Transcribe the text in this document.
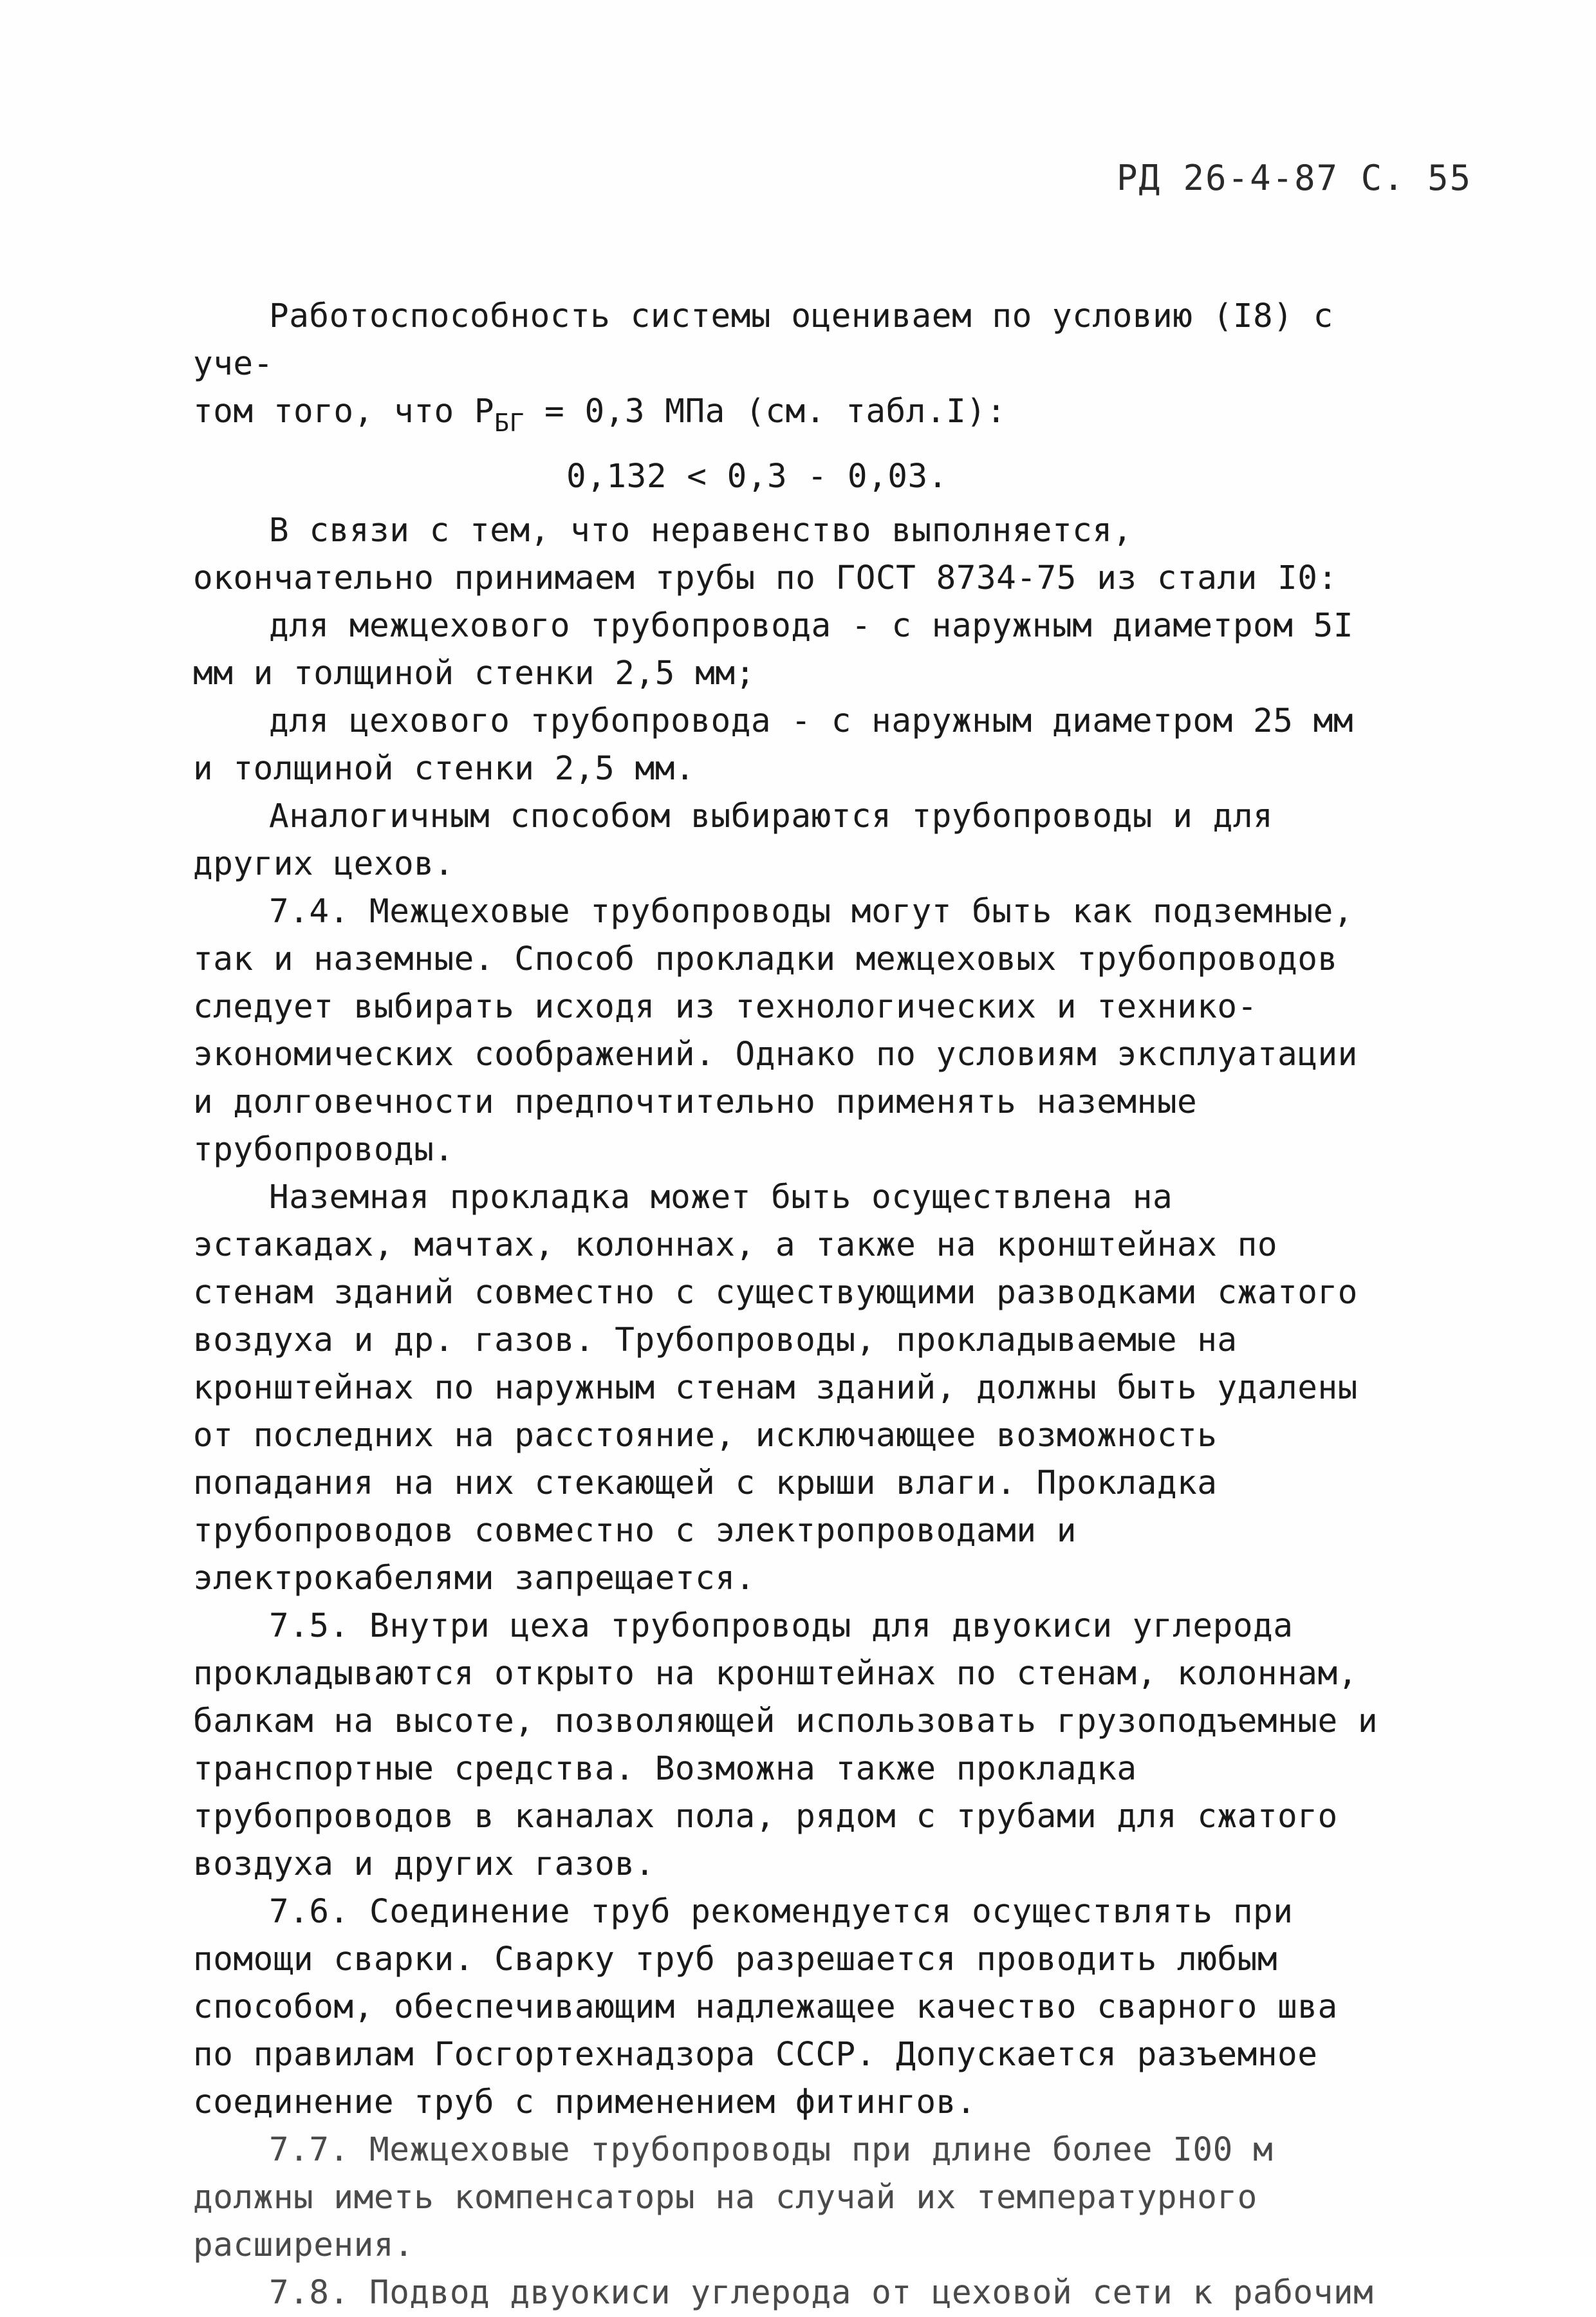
РД 26-4-87 С. 55

Работоспособность системы оцениваем по условию (I8) с уче-
том того, что $Р_{БГ} = 0,3$ МПа (см. табл.I):

0,132 < 0,3 - 0,03.

В связи с тем, что неравенство выполняется, окончательно принимаем трубы по ГОСТ 8734-75 из стали I0:

для межцехового трубопровода - с наружным диаметром 5I мм и толщиной стенки 2,5 мм;

для цехового трубопровода - с наружным диаметром 25 мм и толщиной стенки 2,5 мм.

Аналогичным способом выбираются трубопроводы и для других цехов.

7.4. Межцеховые трубопроводы могут быть как подземные, так и наземные. Способ прокладки межцеховых трубопроводов следует выбирать исходя из технологических и технико-экономических соображений. Однако по условиям эксплуатации и долговечности предпочтительно применять наземные трубопроводы.

Наземная прокладка может быть осуществлена на эстакадах, мачтах, колоннах, а также на кронштейнах по стенам зданий совместно с существующими разводками сжатого воздуха и др. газов. Трубопроводы, прокладываемые на кронштейнах по наружным стенам зданий, должны быть удалены от последних на расстояние, исключающее возможность попадания на них стекающей с крыши влаги. Прокладка трубопроводов совместно с электропроводами и электрокабелями запрещается.

7.5. Внутри цеха трубопроводы для двуокиси углерода прокладываются открыто на кронштейнах по стенам, колоннам, балкам на высоте, позволяющей использовать грузоподъемные и транспортные средства. Возможна также прокладка трубопроводов в каналах пола, рядом с трубами для сжатого воздуха и других газов.

7.6. Соединение труб рекомендуется осуществлять при помощи сварки. Сварку труб разрешается проводить любым способом, обеспечивающим надлежащее качество сварного шва по правилам Госгортехнадзора СССР. Допускается разъемное соединение труб с применением фитингов.

7.7. Межцеховые трубопроводы при длине более I00 м должны иметь компенсаторы на случай их температурного расширения.

7.8. Подвод двуокиси углерода от цеховой сети к рабочим
